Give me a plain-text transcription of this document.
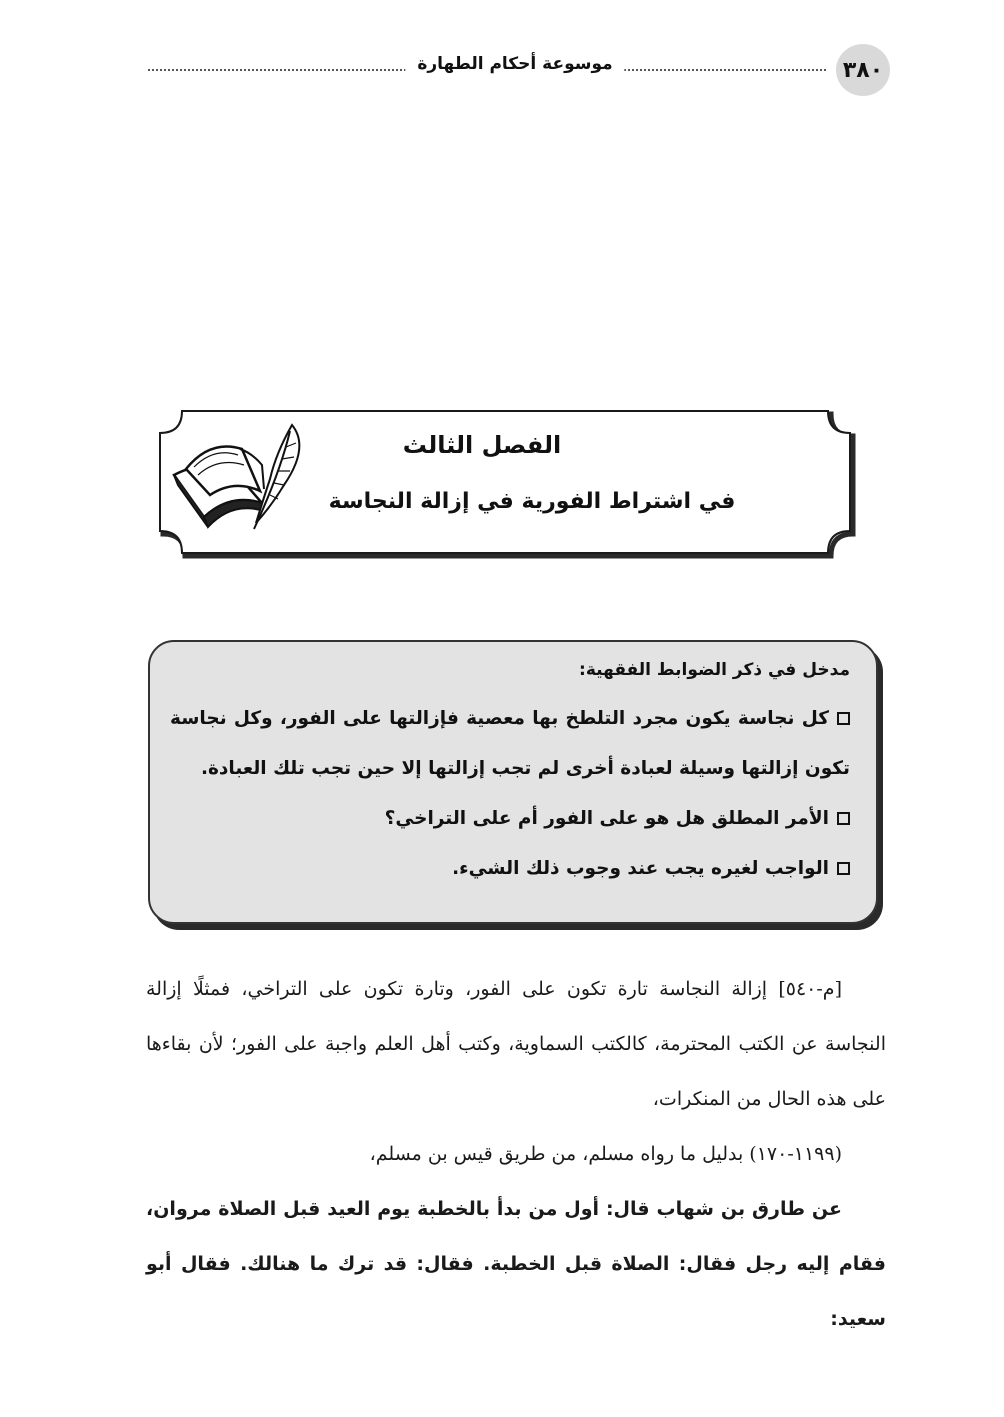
موسوعة أحكام الطهارة	٣٨٠
الفصل الثالث
في اشتراط الفورية في إزالة النجاسة

مدخل في ذكر الضوابط الفقهية:

كل نجاسة يكون مجرد التلطخ بها معصية فإزالتها على الفور، وكل نجاسة تكون إزالتها وسيلة لعبادة أخرى لم تجب إزالتها إلا حين تجب تلك العبادة.

الأمر المطلق هل هو على الفور أم على التراخي؟

الواجب لغيره يجب عند وجوب ذلك الشيء.

[م-٥٤٠] إزالة النجاسة تارة تكون على الفور، وتارة تكون على التراخي، فمثلًا إزالة النجاسة عن الكتب المحترمة، كالكتب السماوية، وكتب أهل العلم واجبة على الفور؛ لأن بقاءها على هذه الحال من المنكرات،

(١١٩٩-١٧٠) بدليل ما رواه مسلم، من طريق قيس بن مسلم،

عن طارق بن شهاب قال: أول من بدأ بالخطبة يوم العيد قبل الصلاة مروان، فقام إليه رجل فقال: الصلاة قبل الخطبة. فقال: قد ترك ما هنالك. فقال أبو سعيد:
